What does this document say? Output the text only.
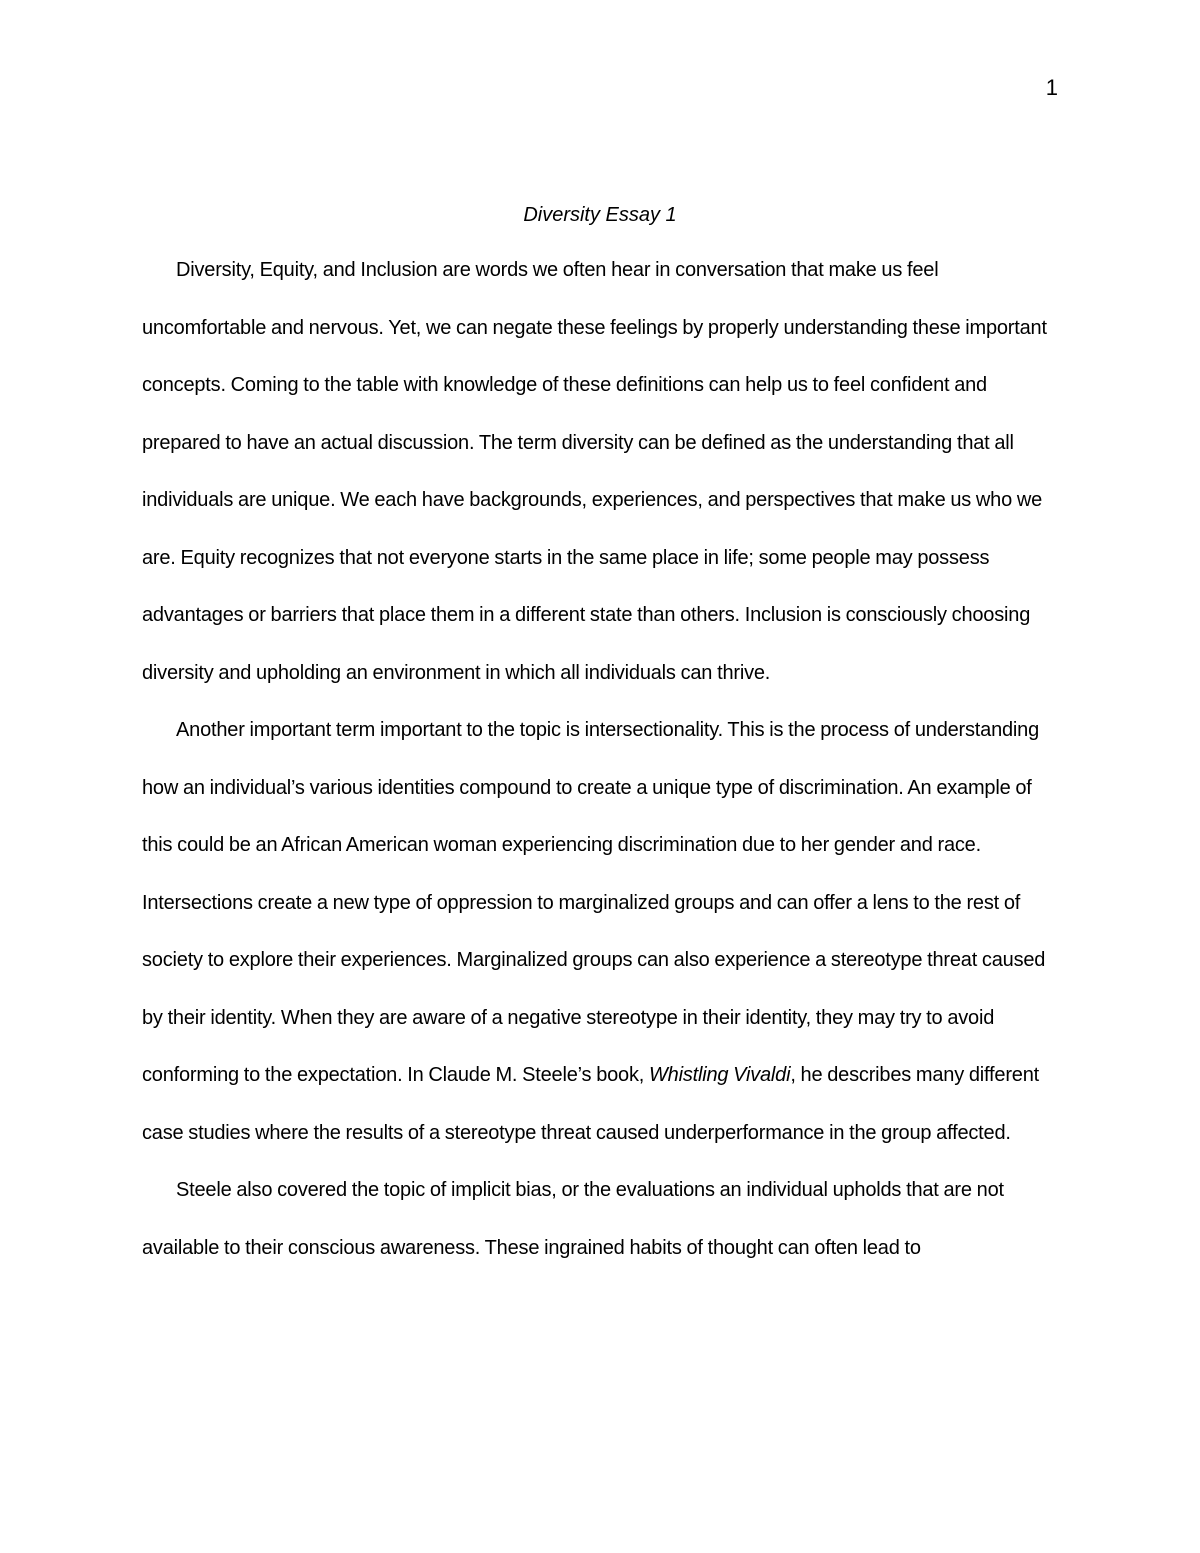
1
Diversity Essay 1

Diversity, Equity, and Inclusion are words we often hear in conversation that make us feel uncomfortable and nervous. Yet, we can negate these feelings by properly understanding these important concepts. Coming to the table with knowledge of these definitions can help us to feel confident and prepared to have an actual discussion. The term diversity can be defined as the understanding that all individuals are unique. We each have backgrounds, experiences, and perspectives that make us who we are. Equity recognizes that not everyone starts in the same place in life; some people may possess advantages or barriers that place them in a different state than others. Inclusion is consciously choosing diversity and upholding an environment in which all individuals can thrive.

Another important term important to the topic is intersectionality. This is the process of understanding how an individual’s various identities compound to create a unique type of discrimination. An example of this could be an African American woman experiencing discrimination due to her gender and race. Intersections create a new type of oppression to marginalized groups and can offer a lens to the rest of society to explore their experiences. Marginalized groups can also experience a stereotype threat caused by their identity. When they are aware of a negative stereotype in their identity, they may try to avoid conforming to the expectation. In Claude M. Steele’s book, Whistling Vivaldi, he describes many different case studies where the results of a stereotype threat caused underperformance in the group affected.

Steele also covered the topic of implicit bias, or the evaluations an individual upholds that are not available to their conscious awareness. These ingrained habits of thought can often lead to
